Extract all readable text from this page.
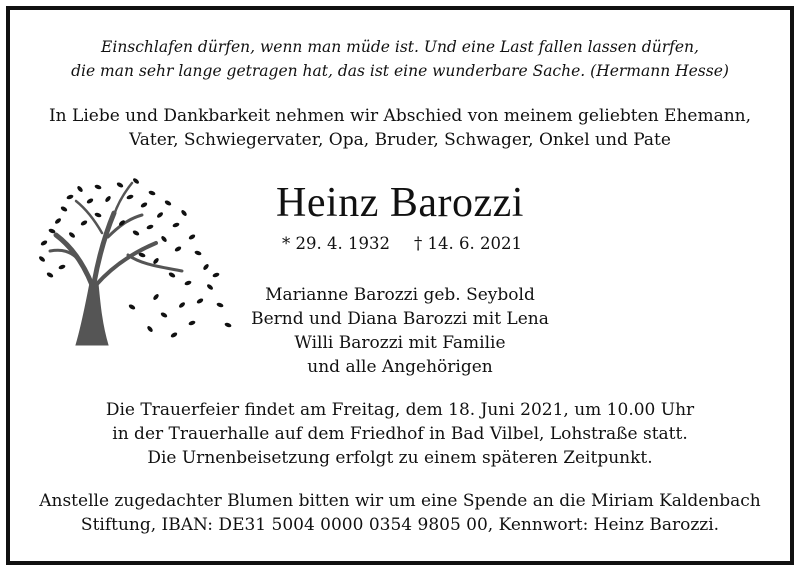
Einschlafen dürfen, wenn man müde ist. Und eine Last fallen lassen dürfen,
die man sehr lange getragen hat, das ist eine wunderbare Sache. (Hermann Hesse)
In Liebe und Dankbarkeit nehmen wir Abschied von meinem geliebten Ehemann,
Vater, Schwiegervater, Opa, Bruder, Schwager, Onkel und Pate
Heinz Barozzi
* 29. 4. 1932 † 14. 6. 2021
Marianne Barozzi geb. Seybold
Bernd und Diana Barozzi mit Lena
Willi Barozzi mit Familie
und alle Angehörigen
Die Trauerfeier findet am Freitag, dem 18. Juni 2021, um 10.00 Uhr
in der Trauerhalle auf dem Friedhof in Bad Vilbel, Lohstraße statt.
Die Urnenbeisetzung erfolgt zu einem späteren Zeitpunkt.
Anstelle zugedachter Blumen bitten wir um eine Spende an die Miriam Kaldenbach
Stiftung, IBAN: DE31 5004 0000 0354 9805 00, Kennwort: Heinz Barozzi.
